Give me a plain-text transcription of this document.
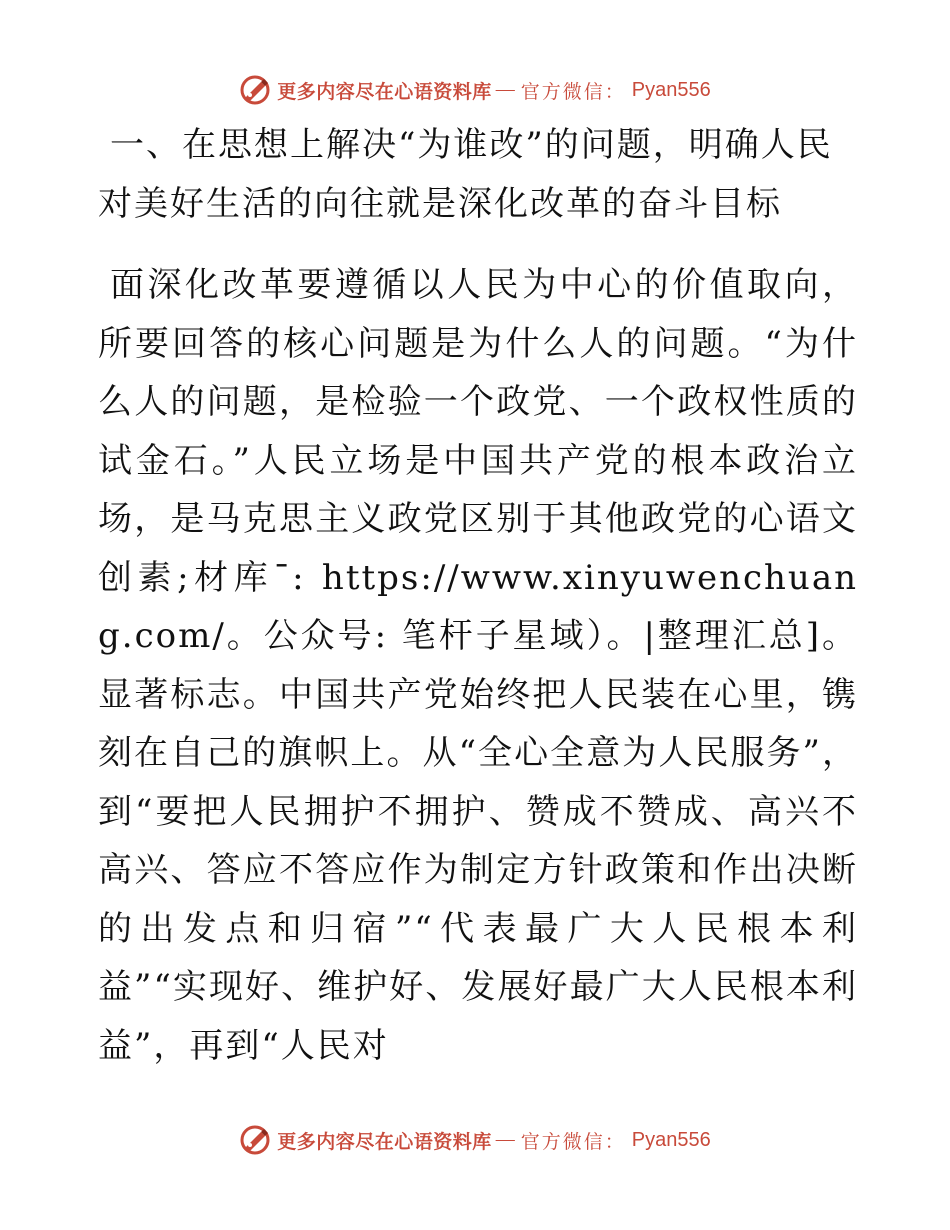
更多内容尽在心语资料库 — 官方微信： Pyan556
一、在思想上解决“为谁改”的问题，明确人民对美好生活的向往就是深化改革的奋斗目标

面深化改革要遵循以人民为中心的价值取向，所要回答的核心问题是为什么人的问题。“为什么人的问题，是检验一个政党、一个政权性质的试金石。”人民立场是中国共产党的根本政治立场，是马克思主义政党区别于其他政党的心语文创素;材库¯: https://www.xinyuwenchuang.com/。公众号: 笔杆子星域）。|整理汇总]。显著标志。中国共产党始终把人民装在心里，镌刻在自己的旗帜上。从“全心全意为人民服务”，到“要把人民拥护不拥护、赞成不赞成、高兴不高兴、答应不答应作为制定方针政策和作出决断的出发点和归宿”“代表最广大人民根本利益”“实现好、维护好、发展好最广大人民根本利益”，再到“人民对

更多内容尽在心语资料库 — 官方微信： Pyan556
